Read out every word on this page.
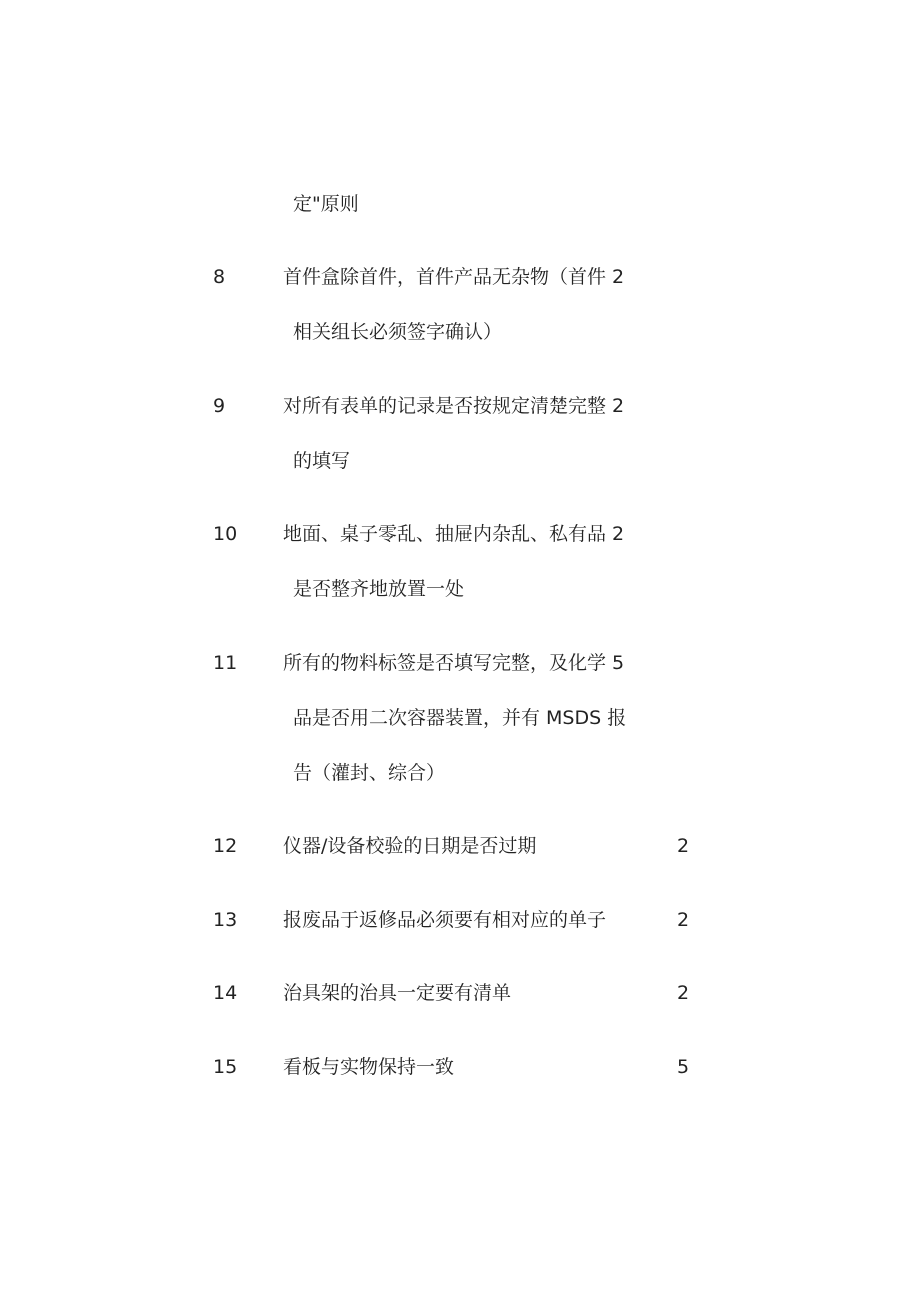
定"原则
8	首件盒除首件，首件产品无杂物（首件 2
相关组长必须签字确认）
9	对所有表单的记录是否按规定清楚完整 2
的填写
10 地面、桌子零乱、抽屉内杂乱、私有品 2
是否整齐地放置一处
11 所有的物料标签是否填写完整，及化学 5
品是否用二次容器装置，并有 MSDS 报
告（灌封、综合）
12 仪器/设备校验的日期是否过期	2
13 报废品于返修品必须要有相对应的单子	2
14 治具架的治具一定要有清单	2
15 看板与实物保持一致	5
